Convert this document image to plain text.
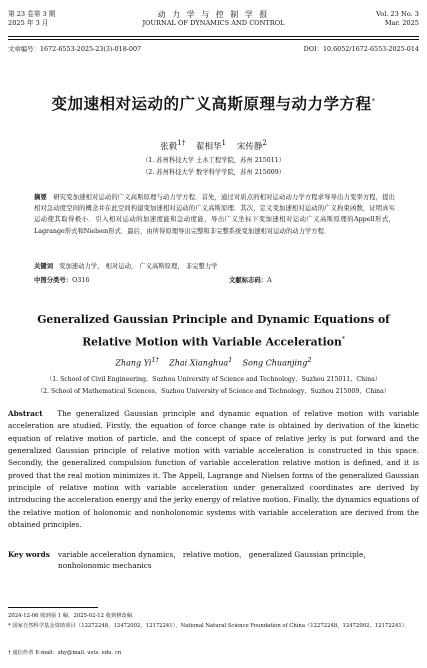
第 23 卷第 3 期
2025 年 3 月
动 力 学 与 控 制 学 报
JOURNAL OF DYNAMICS AND CONTROL
Vol. 23 No. 3
Mar. 2025
文章编号：1672-6553-2025-23(3)-018-007	DOI：10.6052/1672-6553-2025-014
变加速相对运动的广义高斯原理与动力学方程*
张毅$^{1\dagger}$ 翟相华$^1$ 宋传静$^2$
（1. 苏州科技大学 土木工程学院，苏州 215011）
（2. 苏州科技大学 数学科学学院，苏州 215009）
摘要 研究变加速相对运动的广义高斯原理与动力学方程．首先，通过对质点的相对运动动力学方程求导导出力变率方程，提出相对急动度空间的概念并在此空间构建变加速相对运动的广义高斯原理．其次，定义变加速相对运动的广义拘束函数，证明真实运动使其取得极小．引入相对运动的加速度能和急动度能，导出广义坐标下变加速相对运动广义高斯原理的Appell形式，Lagrange形式和Nielsen形式．最后，由所得原理导出完整和非完整系统变加速相对运动的动力学方程．
关键词 变加速动力学， 相对运动， 广义高斯原理， 非完整力学
中图分类号：O316	文献标志码：A
Generalized Gaussian Principle and Dynamic Equations of Relative Motion with Variable Acceleration*
Zhang $Yi^{1\dagger}$ Zhai Xianghua$^1$ Song Chuanjing$^2$
（1. School of Civil Engineering，Suzhou University of Science and Technology，Suzhou 215011，China）
（2. School of Mathematical Sciences，Suzhou University of Science and Technology，Suzhou 215009，China）
Abstract The generalized Gaussian principle and dynamic equation of relative motion with variable acceleration are studied. Firstly, the equation of force change rate is obtained by derivation of the kinetic equation of relative motion of particle, and the concept of space of relative jerky is put forward and the generalized Gaussian principle of relative motion with variable acceleration is constructed in this space. Secondly, the generalized compulsion function of variable acceleration relative motion is defined, and it is proved that the real motion minimizes it. The Appell, Lagrange and Nielsen forms of the generalized Gaussian principle of relative motion with variable acceleration under generalized coordinates are derived by introducing the acceleration energy and the jerky energy of relative motion. Finally, the dynamics equations of the relative motion of holonomic and nonholonomic systems with variable acceleration are derived from the obtained principles.
Key words variable acceleration dynamics， relative motion， generalized Gaussian principle， nonholonomic mechanics
2024-12-06 收到第 1 稿，2025-02-12 收到修改稿．
* 国家自然科学基金资助项目（12272248，12472002，12172241），National Natural Science Foundation of China（12272248，12472002，12172241）．
† 通信作者 E-mail：zhy@mail. usts. edu. cn
